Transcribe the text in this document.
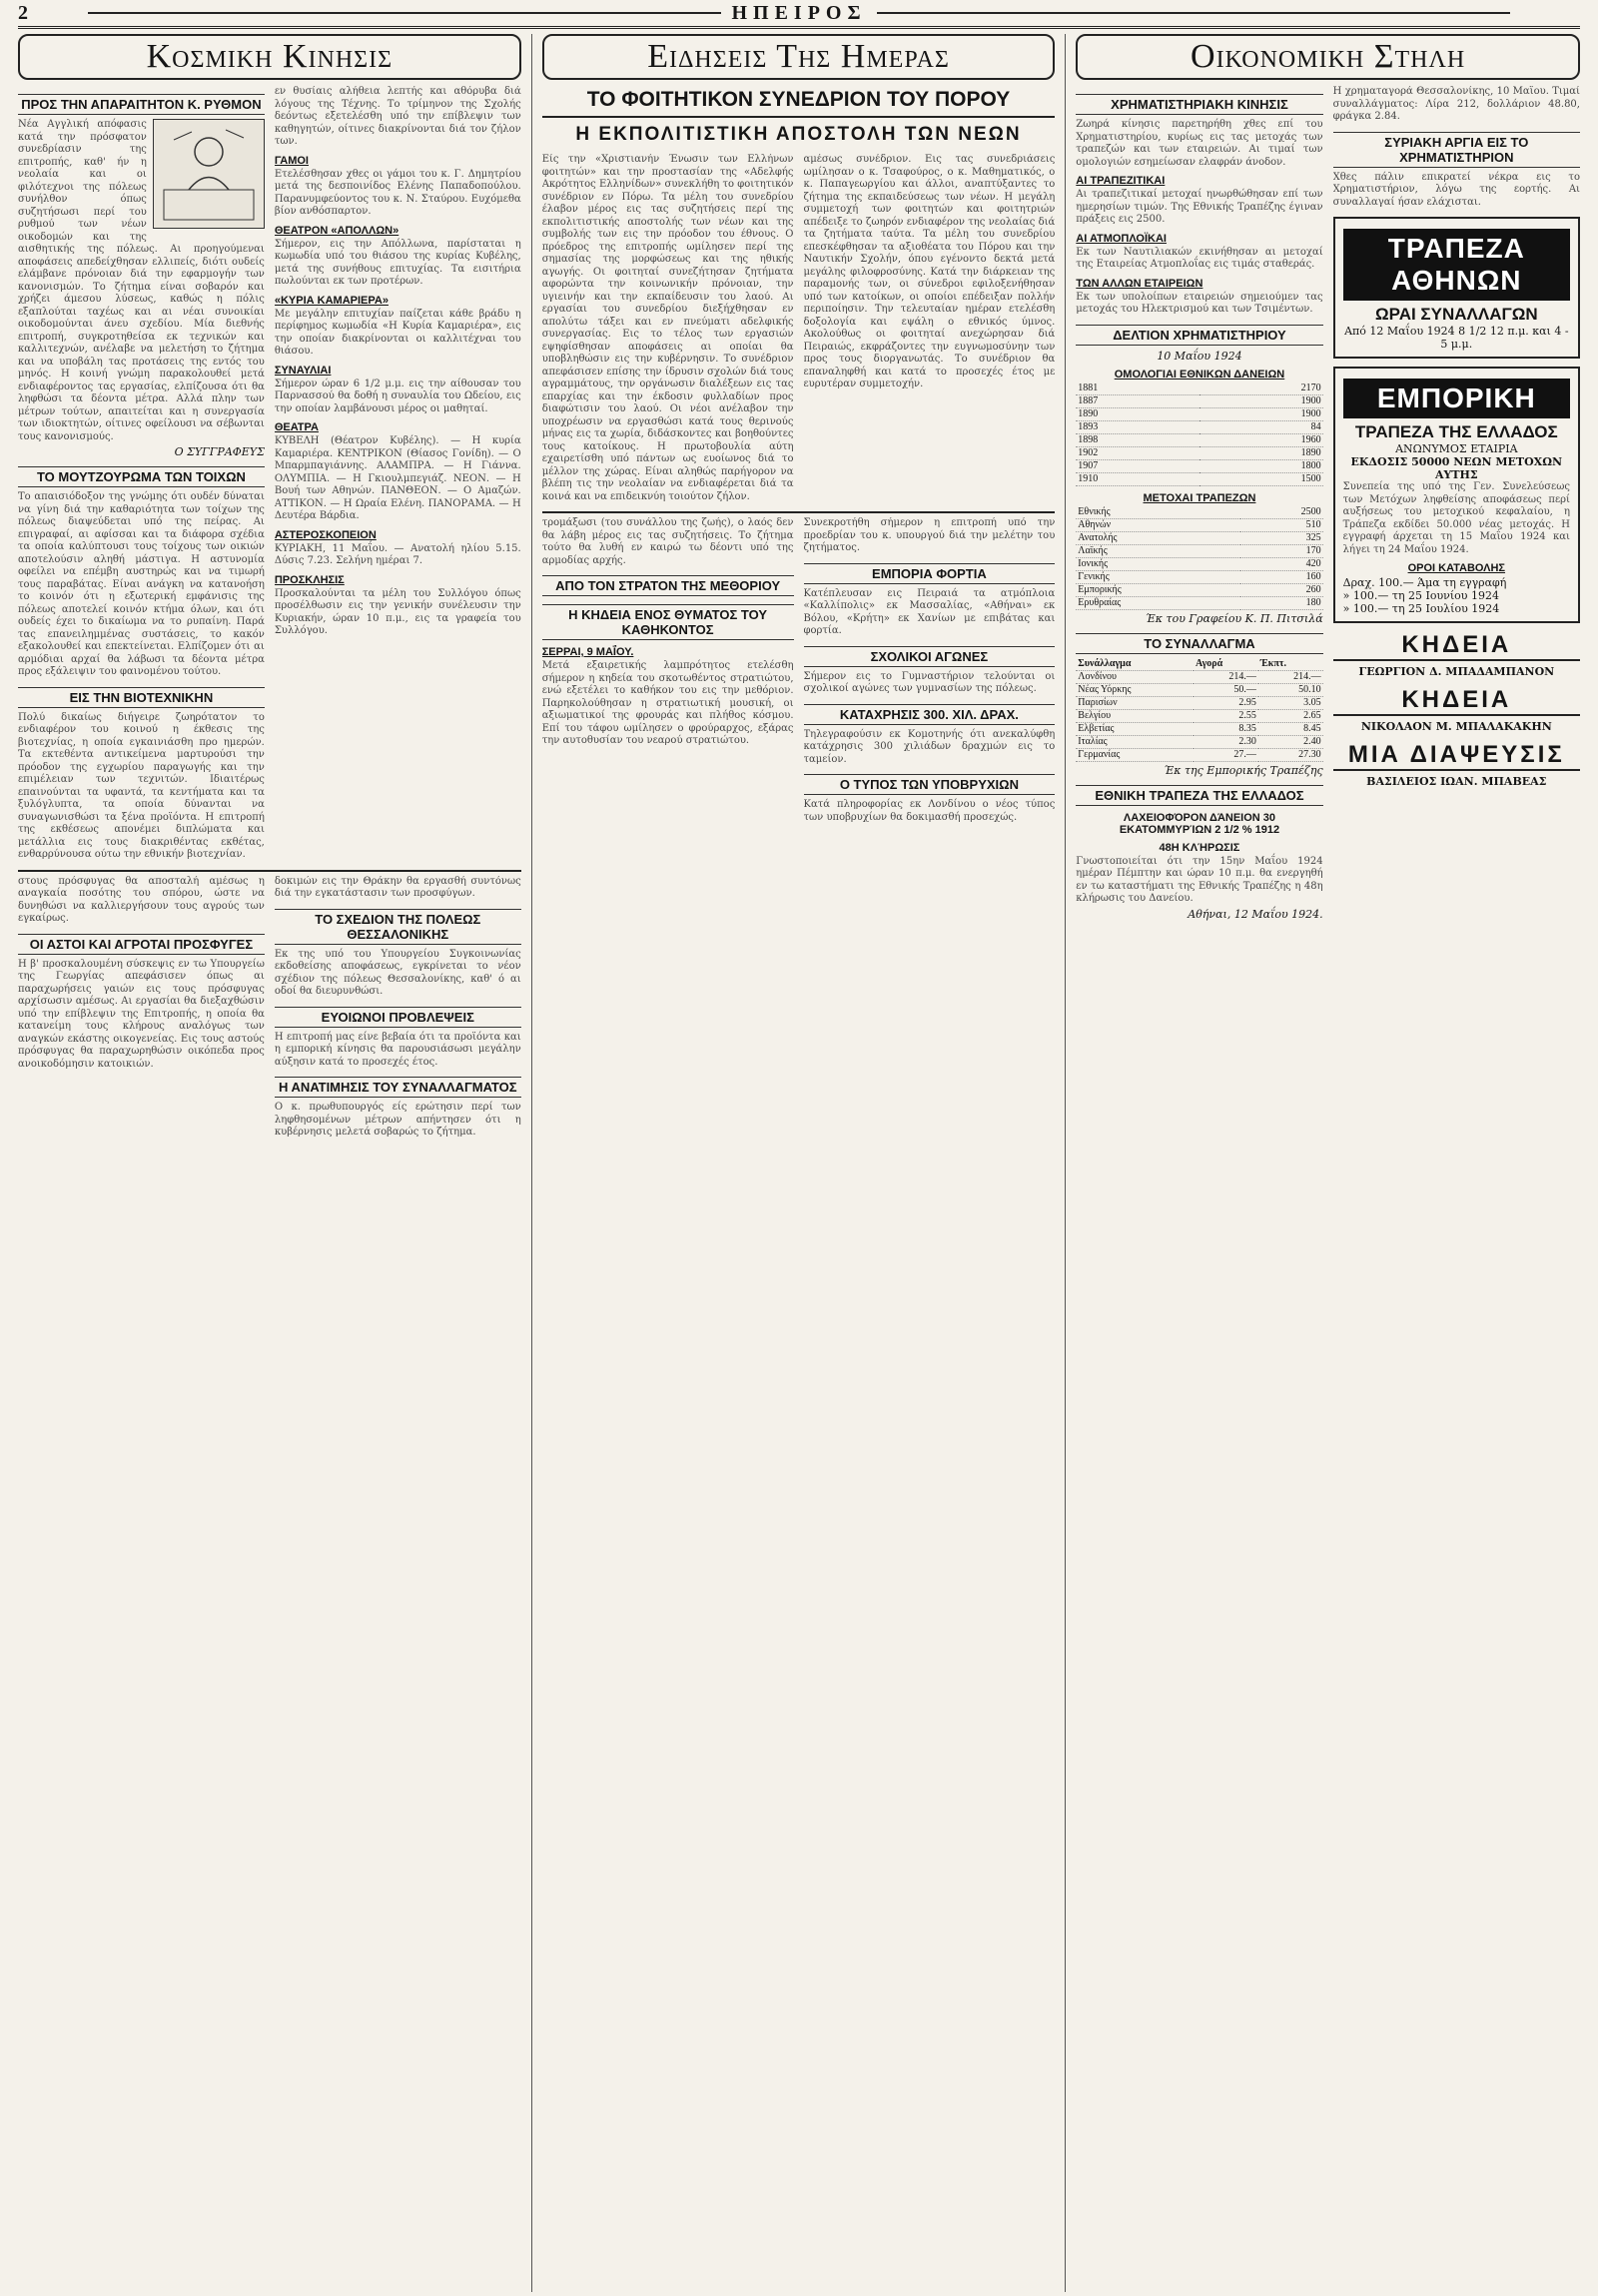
2	ΗΠΕΙΡΟΣ
Κοσμικη Κινησις
ΠΡΟΣ ΤΗΝ ΑΠΑΡΑΙΤΗΤΟΝ Κ. ΡΥΘΜΟΝ
Νέα Αγγλική απόφασις κατά την πρόσφατον συνεδρίασιν της επιτροπής, καθ' ήν η νεολαία και οι φιλότεχνοι της πόλεως συνήλθον όπως συζητήσωσι περί του ρυθμού των νέων οικοδομών και της αισθητικής της πόλεως. Αι προηγούμεναι αποφάσεις απεδείχθησαν ελλιπείς, διότι ουδείς ελάμβανε πρόνοιαν διά την εφαρμογήν των κανονισμών. Το ζήτημα είναι σοβαρόν και χρήζει άμεσου λύσεως, καθώς η πόλις εξαπλούται ταχέως και αι νέαι συνοικίαι οικοδομούνται άνευ σχεδίου. Μία διεθνής επιτροπή, συγκροτηθείσα εκ τεχνικών και καλλιτεχνών, ανέλαβε να μελετήση το ζήτημα και να υποβάλη τας προτάσεις της εντός του μηνός. Η κοινή γνώμη παρακολουθεί μετά ενδιαφέροντος τας εργασίας, ελπίζουσα ότι θα ληφθώσι τα δέοντα μέτρα. Αλλά πλην των μέτρων τούτων, απαιτείται και η συνεργασία των ιδιοκτητών, οίτινες οφείλουσι να σέβωνται τους κανονισμούς.
Ο ΣΥΓΓΡΑΦΕΥΣ
ΤΟ ΜΟΥΤΖΟΥΡΩΜΑ ΤΩΝ ΤΟΙΧΩΝ
Το απαισιόδοξον της γνώμης ότι ουδέν δύναται να γίνη διά την καθαριότητα των τοίχων της πόλεως διαψεύδεται υπό της πείρας. Αι επιγραφαί, αι αφίσσαι και τα διάφορα σχέδια τα οποία καλύπτουσι τους τοίχους των οικιών αποτελούσιν αληθή μάστιγα. Η αστυνομία οφείλει να επέμβη αυστηρώς και να τιμωρή τους παραβάτας. Είναι ανάγκη να κατανοήση το κοινόν ότι η εξωτερική εμφάνισις της πόλεως αποτελεί κοινόν κτήμα όλων, και ότι ουδείς έχει το δικαίωμα να το ρυπαίνη. Παρά τας επανειλημμένας συστάσεις, το κακόν εξακολουθεί και επεκτείνεται. Ελπίζομεν ότι αι αρμόδιαι αρχαί θα λάβωσι τα δέοντα μέτρα προς εξάλειψιν του φαινομένου τούτου.
ΕΙΣ ΤΗΝ ΒΙΟΤΕΧΝΙΚΗΝ
Πολύ δικαίως διήγειρε ζωηρότατον το ενδιαφέρον του κοινού η έκθεσις της βιοτεχνίας, η οποία εγκαινιάσθη προ ημερών. Τα εκτεθέντα αντικείμενα μαρτυρούσι την πρόοδον της εγχωρίου παραγωγής και την επιμέλειαν των τεχνιτών. Ιδιαιτέρως επαινούνται τα υφαντά, τα κεντήματα και τα ξυλόγλυπτα, τα οποία δύνανται να συναγωνισθώσι τα ξένα προϊόντα. Η επιτροπή της εκθέσεως απονέμει διπλώματα και μετάλλια εις τους διακριθέντας εκθέτας, ενθαρρύνουσα ούτω την εθνικήν βιοτεχνίαν.
εν θυσίαις αλήθεια λεπτής και αθόρυβα διά λόγους της Τέχνης. Το τρίμηνον της Σχολής δεόντως εξετελέσθη υπό την επίβλεψιν των καθηγητών, οίτινες διακρίνονται διά τον ζήλον των.
ΓΑΜΟΙ
Ετελέσθησαν χθες οι γάμοι του κ. Γ. Δημητρίου μετά της δεσποινίδος Ελένης Παπαδοπούλου. Παρανυμφεύοντος του κ. Ν. Σταύρου. Ευχόμεθα βίον ανθόσπαρτον.
ΘΕΑΤΡΟΝ «ΑΠΟΛΛΩΝ»
Σήμερον, εις την Απόλλωνα, παρίσταται η κωμωδία υπό του θιάσου της κυρίας Κυβέλης, μετά της συνήθους επιτυχίας. Τα εισιτήρια πωλούνται εκ των προτέρων.
«ΚΥΡΙΑ ΚΑΜΑΡΙΕΡΑ»
Με μεγάλην επιτυχίαν παίζεται κάθε βράδυ η περίφημος κωμωδία «Η Κυρία Καμαριέρα», εις την οποίαν διακρίνονται οι καλλιτέχναι του θιάσου.
ΣΥΝΑΥΛΙΑΙ
Σήμερον ώραν 6 1/2 μ.μ. εις την αίθουσαν του Παρνασσού θα δοθή η συναυλία του Ωδείου, εις την οποίαν λαμβάνουσι μέρος οι μαθηταί.
ΘΕΑΤΡΑ
ΚΥΒΕΛΗ (Θέατρον Κυβέλης). — Η κυρία Καμαριέρα. ΚΕΝΤΡΙΚΟΝ (Θίασος Γονίδη). — Ο Μπαρμπαγιάννης. ΑΛΑΜΠΡΑ. — Η Γιάννα. ΟΛΥΜΠΙΑ. — Η Γκιουλμπεγιάζ. ΝΕΟΝ. — Η Βουή των Αθηνών. ΠΑΝΘΕΟΝ. — Ο Αμαζών. ΑΤΤΙΚΟΝ. — Η Ωραία Ελένη. ΠΑΝΟΡΑΜΑ. — Η Δευτέρα Βάρδια.
ΑΣΤΕΡΟΣΚΟΠΕΙΟΝ
ΚΥΡΙΑΚΗ, 11 Μαΐου. — Ανατολή ηλίου 5.15. Δύσις 7.23. Σελήνη ημέραι 7.
ΠΡΟΣΚΛΗΣΙΣ
Προσκαλούνται τα μέλη του Συλλόγου όπως προσέλθωσιν εις την γενικήν συνέλευσιν την Κυριακήν, ώραν 10 π.μ., εις τα γραφεία του Συλλόγου.
στους πρόσφυγας θα αποσταλή αμέσως η αναγκαία ποσότης του σπόρου, ώστε να δυνηθώσι να καλλιεργήσουν τους αγρούς των εγκαίρως.
ΟΙ ΑΣΤΟΙ ΚΑΙ ΑΓΡΟΤΑΙ ΠΡΟΣΦΥΓΕΣ
Η β' προσκαλουμένη σύσκεψις εν τω Υπουργείω της Γεωργίας απεφάσισεν όπως αι παραχωρήσεις γαιών εις τους πρόσφυγας αρχίσωσιν αμέσως. Αι εργασίαι θα διεξαχθώσιν υπό την επίβλεψιν της Επιτροπής, η οποία θα κατανείμη τους κλήρους αναλόγως των αναγκών εκάστης οικογενείας. Εις τους αστούς πρόσφυγας θα παραχωρηθώσιν οικόπεδα προς ανοικοδόμησιν κατοικιών.
δοκιμών εις την Θράκην θα εργασθή συντόνως διά την εγκατάστασιν των προσφύγων.
ΤΟ ΣΧΕΔΙΟΝ ΤΗΣ ΠΟΛΕΩΣ ΘΕΣΣΑΛΟΝΙΚΗΣ
Εκ της υπό του Υπουργείου Συγκοινωνίας εκδοθείσης αποφάσεως, εγκρίνεται το νέον σχέδιον της πόλεως Θεσσαλονίκης, καθ' ό αι οδοί θα διευρυνθώσι.
ΕΥΟΙΩΝΟΙ ΠΡΟΒΛΕΨΕΙΣ
Η επιτροπή μας είνε βεβαία ότι τα προϊόντα και η εμπορική κίνησις θα παρουσιάσωσι μεγάλην αύξησιν κατά το προσεχές έτος.
Η ΑΝΑΤΙΜΗΣΙΣ ΤΟΥ ΣΥΝΑΛΛΑΓΜΑΤΟΣ
Ο κ. πρωθυπουργός είς ερώτησιν περί των ληφθησομένων μέτρων απήντησεν ότι η κυβέρνησις μελετά σοβαρώς το ζήτημα.
Ειδησεις Της Ημερας
ΤΟ ΦΟΙΤΗΤΙΚΟΝ ΣΥΝΕΔΡΙΟΝ ΤΟΥ ΠΟΡΟΥ
Η ΕΚΠΟΛΙΤΙΣΤΙΚΗ ΑΠΟΣΤΟΛΗ ΤΩΝ ΝΕΩΝ
Είς την «Χριστιανήν Ένωσιν των Ελλήνων φοιτητών» και την προστασίαν της «Αδελφής Ακρότητος Ελληνίδων» συνεκλήθη το φοιτητικόν συνέδριον εν Πόρω. Τα μέλη του συνεδρίου έλαβον μέρος εις τας συζητήσεις περί της εκπολιτιστικής αποστολής των νέων και της συμβολής των εις την πρόοδον του έθνους. Ο πρόεδρος της επιτροπής ωμίλησεν περί της σημασίας της μορφώσεως και της ηθικής αγωγής. Οι φοιτηταί συνεζήτησαν ζητήματα αφορώντα την κοινωνικήν πρόνοιαν, την υγιεινήν και την εκπαίδευσιν του λαού. Αι εργασίαι του συνεδρίου διεξήχθησαν εν απολύτω τάξει και εν πνεύματι αδελφικής συνεργασίας. Εις το τέλος των εργασιών εψηφίσθησαν αποφάσεις αι οποίαι θα υποβληθώσιν εις την κυβέρνησιν. Το συνέδριον απεφάσισεν επίσης την ίδρυσιν σχολών διά τους αγραμμάτους, την οργάνωσιν διαλέξεων εις τας επαρχίας και την έκδοσιν φυλλαδίων προς διαφώτισιν του λαού. Οι νέοι ανέλαβον την υποχρέωσιν να εργασθώσι κατά τους θερινούς μήνας εις τα χωρία, διδάσκοντες και βοηθούντες τους κατοίκους. Η πρωτοβουλία αύτη εχαιρετίσθη υπό πάντων ως ευοίωνος διά το μέλλον της χώρας. Είναι αληθώς παρήγορον να βλέπη τις την νεολαίαν να ενδιαφέρεται διά τα κοινά και να επιδεικνύη τοιούτον ζήλον.
αμέσως συνέδριον. Εις τας συνεδριάσεις ωμίλησαν ο κ. Τσαφούρος, ο κ. Μαθηματικός, ο κ. Παπαγεωργίου και άλλοι, αναπτύξαντες το ζήτημα της εκπαιδεύσεως των νέων. Η μεγάλη συμμετοχή των φοιτητών και φοιτητριών απέδειξε το ζωηρόν ενδιαφέρον της νεολαίας διά τα ζητήματα ταύτα. Τα μέλη του συνεδρίου επεσκέφθησαν τα αξιοθέατα του Πόρου και την Ναυτικήν Σχολήν, όπου εγένοντο δεκτά μετά μεγάλης φιλοφροσύνης. Κατά την διάρκειαν της παραμονής των, οι σύνεδροι εφιλοξενήθησαν υπό των κατοίκων, οι οποίοι επέδειξαν πολλήν περιποίησιν. Την τελευταίαν ημέραν ετελέσθη δοξολογία και εψάλη ο εθνικός ύμνος. Ακολούθως οι φοιτηταί ανεχώρησαν διά Πειραιώς, εκφράζοντες την ευγνωμοσύνην των προς τους διοργανωτάς. Το συνέδριον θα επαναληφθή και κατά το προσεχές έτος με ευρυτέραν συμμετοχήν.
τρομάξωσι (του συνάλλου της ζωής), ο λαός δεν θα λάβη μέρος εις τας συζητήσεις. Το ζήτημα τούτο θα λυθή εν καιρώ τω δέοντι υπό της αρμοδίας αρχής.
ΑΠΟ ΤΟΝ ΣΤΡΑΤΟΝ ΤΗΣ ΜΕΘΟΡΙΟΥ
Η ΚΗΔΕΙΑ ΕΝΟΣ ΘΥΜΑΤΟΣ ΤΟΥ ΚΑΘΗΚΟΝΤΟΣ
ΣΕΡΡΑΙ, 9 ΜΑΪ́ΟΥ.
Μετά εξαιρετικής λαμπρότητος ετελέσθη σήμερον η κηδεία του σκοτωθέντος στρατιώτου, ενώ εξετέλει το καθήκον του εις την μεθόριον. Παρηκολούθησαν η στρατιωτική μουσική, οι αξιωματικοί της φρουράς και πλήθος κόσμου. Επί του τάφου ωμίλησεν ο φρούραρχος, εξάρας την αυτοθυσίαν του νεαρού στρατιώτου.
Συνεκροτήθη σήμερον η επιτροπή υπό την προεδρίαν του κ. υπουργού διά την μελέτην του ζητήματος.
ΕΜΠΟΡΙΑ ΦΟΡΤΙΑ
Κατέπλευσαν εις Πειραιά τα ατμόπλοια «Καλλίπολις» εκ Μασσαλίας, «Αθήναι» εκ Βόλου, «Κρήτη» εκ Χανίων με επιβάτας και φορτία.
ΣΧΟΛΙΚΟΙ ΑΓΩΝΕΣ
Σήμερον εις το Γυμναστήριον τελούνται οι σχολικοί αγώνες των γυμνασίων της πόλεως.
ΚΑΤΑΧΡΗΣΙΣ 300. ΧΙΛ. ΔΡΑΧ.
Τηλεγραφούσιν εκ Κομοτηνής ότι ανεκαλύφθη κατάχρησις 300 χιλιάδων δραχμών εις το ταμείον.
Ο ΤΥΠΟΣ ΤΩΝ ΥΠΟΒΡΥΧΙΩΝ
Κατά πληροφορίας εκ Λονδίνου ο νέος τύπος των υποβρυχίων θα δοκιμασθή προσεχώς.
Οικονομικη Στηλη
ΧΡΗΜΑΤΙΣΤΗΡΙΑΚΗ ΚΙΝΗΣΙΣ
Ζωηρά κίνησις παρετηρήθη χθες επί του Χρηματιστηρίου, κυρίως εις τας μετοχάς των τραπεζών και των εταιρειών. Αι τιμαί των ομολογιών εσημείωσαν ελαφράν άνοδον.
ΑΙ ΤΡΑΠΕΖΙΤΙΚΑΙ
Αι τραπεζιτικαί μετοχαί ηνωρθώθησαν επί των ημερησίων τιμών. Της Εθνικής Τραπέζης έγιναν πράξεις εις 2500.
ΑΙ ΑΤΜΟΠΛΟΪΚΑΙ
Εκ των Ναυτιλιακών εκινήθησαν αι μετοχαί της Εταιρείας Ατμοπλοΐας εις τιμάς σταθεράς.
ΤΩΝ ΑΛΛΩΝ ΕΤΑΙΡΕΙΩΝ
Εκ των υπολοίπων εταιρειών σημειούμεν τας μετοχάς του Ηλεκτρισμού και των Τσιμέντων.
ΔΕΛΤΙΟΝ ΧΡΗΜΑΤΙΣΤΗΡΙΟΥ
10 Μαΐου 1924
ΟΜΟΛΟΓΙΑΙ ΕΘΝΙΚΩΝ ΔΑΝΕΙΩΝ
1881	2170
1887	1900
1890	1900
1893	84
1898	1960
1902	1890
1907	1800
1910	1500
ΜΕΤΟΧΑΙ ΤΡΑΠΕΖΩΝ
Εθνικής	2500
Αθηνών	510
Ανατολής	325
Λαϊκής	170
Ιονικής	420
Γενικής	160
Εμπορικής	260
Ερυθραίας	180
Έκ του Γραφείου Κ. Π. Πιτσιλά
ΤΟ ΣΥΝΑΛΛΑΓΜΑ
Συνάλλαγμα	Αγορά	Έκπτ.
Λονδίνου	214.—	214.—
Νέας Υόρκης	50.—	50.10
Παρισίων	2.95	3.05
Βελγίου	2.55	2.65
Ελβετίας	8.35	8.45
Ιταλίας	2.30	2.40
Γερμανίας	27.—	27.30
Έκ της Εμπορικής Τραπέζης
ΕΘΝΙΚΗ ΤΡΑΠΕΖΑ ΤΗΣ ΕΛΛΑΔΟΣ
ΛΑΧΕΙΟΦΌΡΟΝ ΔΆΝΕΙΟΝ 30 ΕΚΑΤΟΜΜΥΡΊΩΝ 2 1/2 % 1912
48Η ΚΛΉΡΩΣΙΣ
Γνωστοποιείται ότι την 15ην Μαΐου 1924 ημέραν Πέμπτην και ώραν 10 π.μ. θα ενεργηθή εν τω καταστήματι της Εθνικής Τραπέζης η 48η κλήρωσις του Δανείου.
Αθήναι, 12 Μαΐου 1924.
Η χρηματαγορά Θεσσαλονίκης, 10 Μαΐου. Τιμαί συναλλάγματος: Λίρα 212, δολλάριον 48.80, φράγκα 2.84.
ΣΥΡΙΑΚΗ ΑΡΓΙΑ ΕΙΣ ΤΟ ΧΡΗΜΑΤΙΣΤΗΡΙΟΝ
Χθες πάλιν επικρατεί νέκρα εις το Χρηματιστήριον, λόγω της εορτής. Αι συναλλαγαί ήσαν ελάχισται.
ΤΡΑΠΕΖΑ ΑΘΗΝΩΝ
ΩΡΑΙ ΣΥΝΑΛΛΑΓΩΝ
Από 12 Μαΐου 1924 8 1/2 12 π.μ. και 4 - 5 μ.μ.
ΕΜΠΟΡΙΚΗ
ΤΡΑΠΕΖΑ ΤΗΣ ΕΛΛΑΔΟΣ
ΑΝΩΝΥΜΟΣ ΕΤΑΙΡΙΑ
ΕΚΔΟΣΙΣ 50000 ΝΕΩΝ ΜΕΤΟΧΩΝ ΑΥΤΗΣ
Συνεπεία της υπό της Γεν. Συνελεύσεως των Μετόχων ληφθείσης αποφάσεως περί αυξήσεως του μετοχικού κεφαλαίου, η Τράπεζα εκδίδει 50.000 νέας μετοχάς. Η εγγραφή άρχεται τη 15 Μαΐου 1924 και λήγει τη 24 Μαΐου 1924.
ΟΡΟΙ ΚΑΤΑΒΟΛΗΣ
Δραχ. 100.— Άμα τη εγγραφή
» 100.— τη 25 Ιουνίου 1924
» 100.— τη 25 Ιουλίου 1924
ΚΗΔΕΙΑ
ΓΕΩΡΓΙΟΝ Δ. ΜΠΑΔΑΜΠΑΝΟΝ
ΚΗΔΕΙΑ
ΝΙΚΟΛΑΟΝ Μ. ΜΠΑΛΑΚΑΚΗΝ
ΜΙΑ ΔΙΑΨΕΥΣΙΣ
ΒΑΣΙΛΕΙΟΣ ΙΩΑΝ. ΜΠΑΒΕΑΣ
